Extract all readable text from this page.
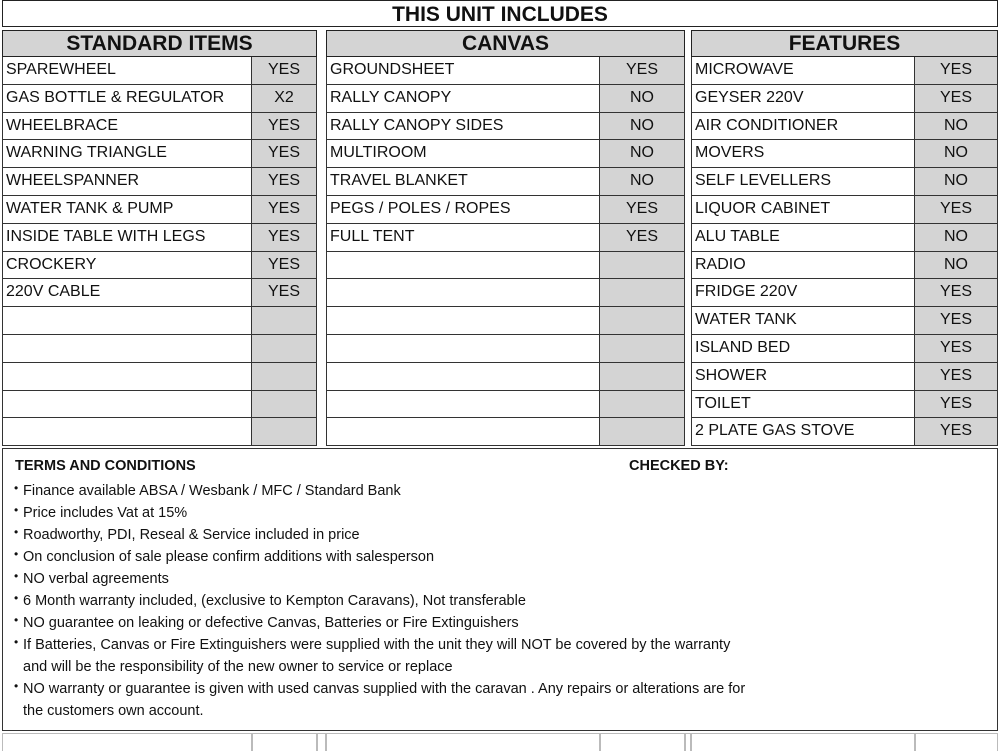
THIS UNIT INCLUDES
STANDARD ITEMS
SPAREWHEEL	YES
GAS BOTTLE & REGULATOR	X2
WHEELBRACE	YES
WARNING TRIANGLE	YES
WHEELSPANNER	YES
WATER TANK & PUMP	YES
INSIDE TABLE WITH LEGS	YES
CROCKERY	YES
220V CABLE	YES
CANVAS
GROUNDSHEET	YES
RALLY CANOPY	NO
RALLY CANOPY SIDES	NO
MULTIROOM	NO
TRAVEL BLANKET	NO
PEGS / POLES / ROPES	YES
FULL TENT	YES
FEATURES
MICROWAVE	YES
GEYSER 220V	YES
AIR CONDITIONER	NO
MOVERS	NO
SELF LEVELLERS	NO
LIQUOR CABINET	YES
ALU TABLE	NO
RADIO	NO
FRIDGE 220V	YES
WATER TANK	YES
ISLAND BED	YES
SHOWER	YES
TOILET	YES
2 PLATE GAS STOVE	YES
TERMS AND CONDITIONS	CHECKED BY:
• Finance available ABSA / Wesbank / MFC / Standard Bank
• Price includes Vat at 15%
• Roadworthy, PDI, Reseal & Service included in price
• On conclusion of sale please confirm additions with salesperson
• NO verbal agreements
• 6 Month warranty included, (exclusive to Kempton Caravans), Not transferable
• NO guarantee on leaking or defective Canvas, Batteries or Fire Extinguishers
• If Batteries, Canvas or Fire Extinguishers were supplied with the unit they will NOT be covered by the warranty and will be the responsibility of the new owner to service or replace
• NO warranty or guarantee is given with used canvas supplied with the caravan . Any repairs or alterations are for the customers own account.
